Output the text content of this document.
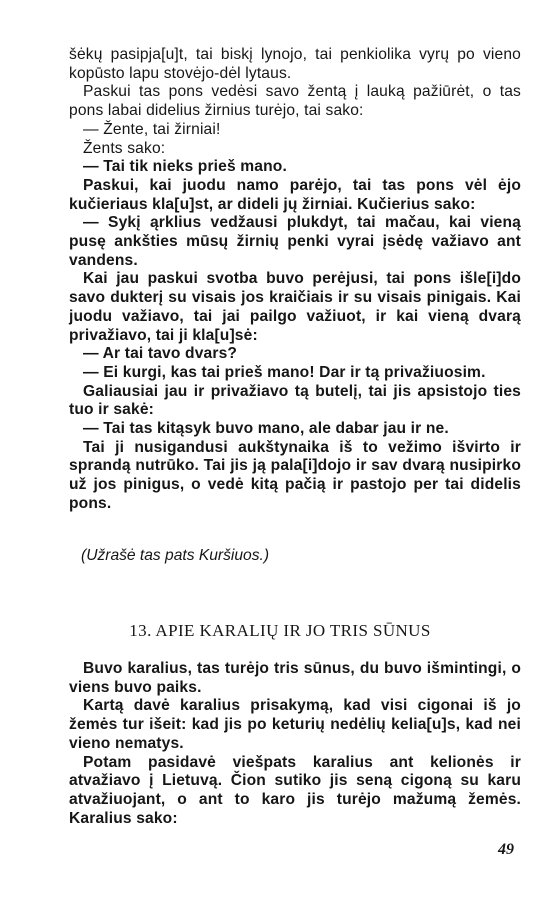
šėkų pasipja[u]t, tai biskį lynojo, tai penkiolika vyrų po vieno kopūsto lapu stovėjo-dėl lytaus.

Paskui tas pons vedėsi savo žentą į lauką pažiūrėt, o tas pons labai didelius žirnius turėjo, tai sako:

— Žente, tai žirniai!

Žents sako:

— Tai tik nieks prieš mano.

Paskui, kai juodu namo parėjo, tai tas pons vėl ėjo kučieriaus kla[u]st, ar dideli jų žirniai. Kučierius sako:

— Sykį ąrklius vedžausi plukdyt, tai mačau, kai vieną pusę ankšties mūsų žirnių penki vyrai įsėdę važiavo ant vandens.

Kai jau paskui svotba buvo perėjusi, tai pons išle[i]do savo dukterį su visais jos kraičiais ir su visais pinigais. Kai juodu važiavo, tai jai pailgo važiuot, ir kai vieną dvarą privažiavo, tai ji kla[u]sė:

— Ar tai tavo dvars?

— Ei kurgi, kas tai prieš mano! Dar ir tą privažiuosim.

Galiausiai jau ir privažiavo tą butelį, tai jis apsistojo ties tuo ir sakė:

— Tai tas kitąsyk buvo mano, ale dabar jau ir ne.

Tai ji nusigandusi aukštynaika iš to vežimo išvirto ir sprandą nutrūko. Tai jis ją pala[i]dojo ir sav dvarą nusipirko už jos pinigus, o vedė kitą pačią ir pastojo per tai didelis pons.

(Užrašė tas pats Kuršiuos.)
13. APIE KARALIŲ IR JO TRIS SŪNUS

Buvo karalius, tas turėjo tris sūnus, du buvo išmintingi, o viens buvo paiks.

Kartą davė karalius prisakymą, kad visi cigonai iš jo žemės tur išeit: kad jis po keturių nedėlių kelia[u]s, kad nei vieno nematys.

Potam pasidavė viešpats karalius ant kelionės ir atvažiavo į Lietuvą. Čion sutiko jis seną cigoną su karu atvažiuojant, o ant to karo jis turėjo mažumą žemės. Karalius sako:

49
